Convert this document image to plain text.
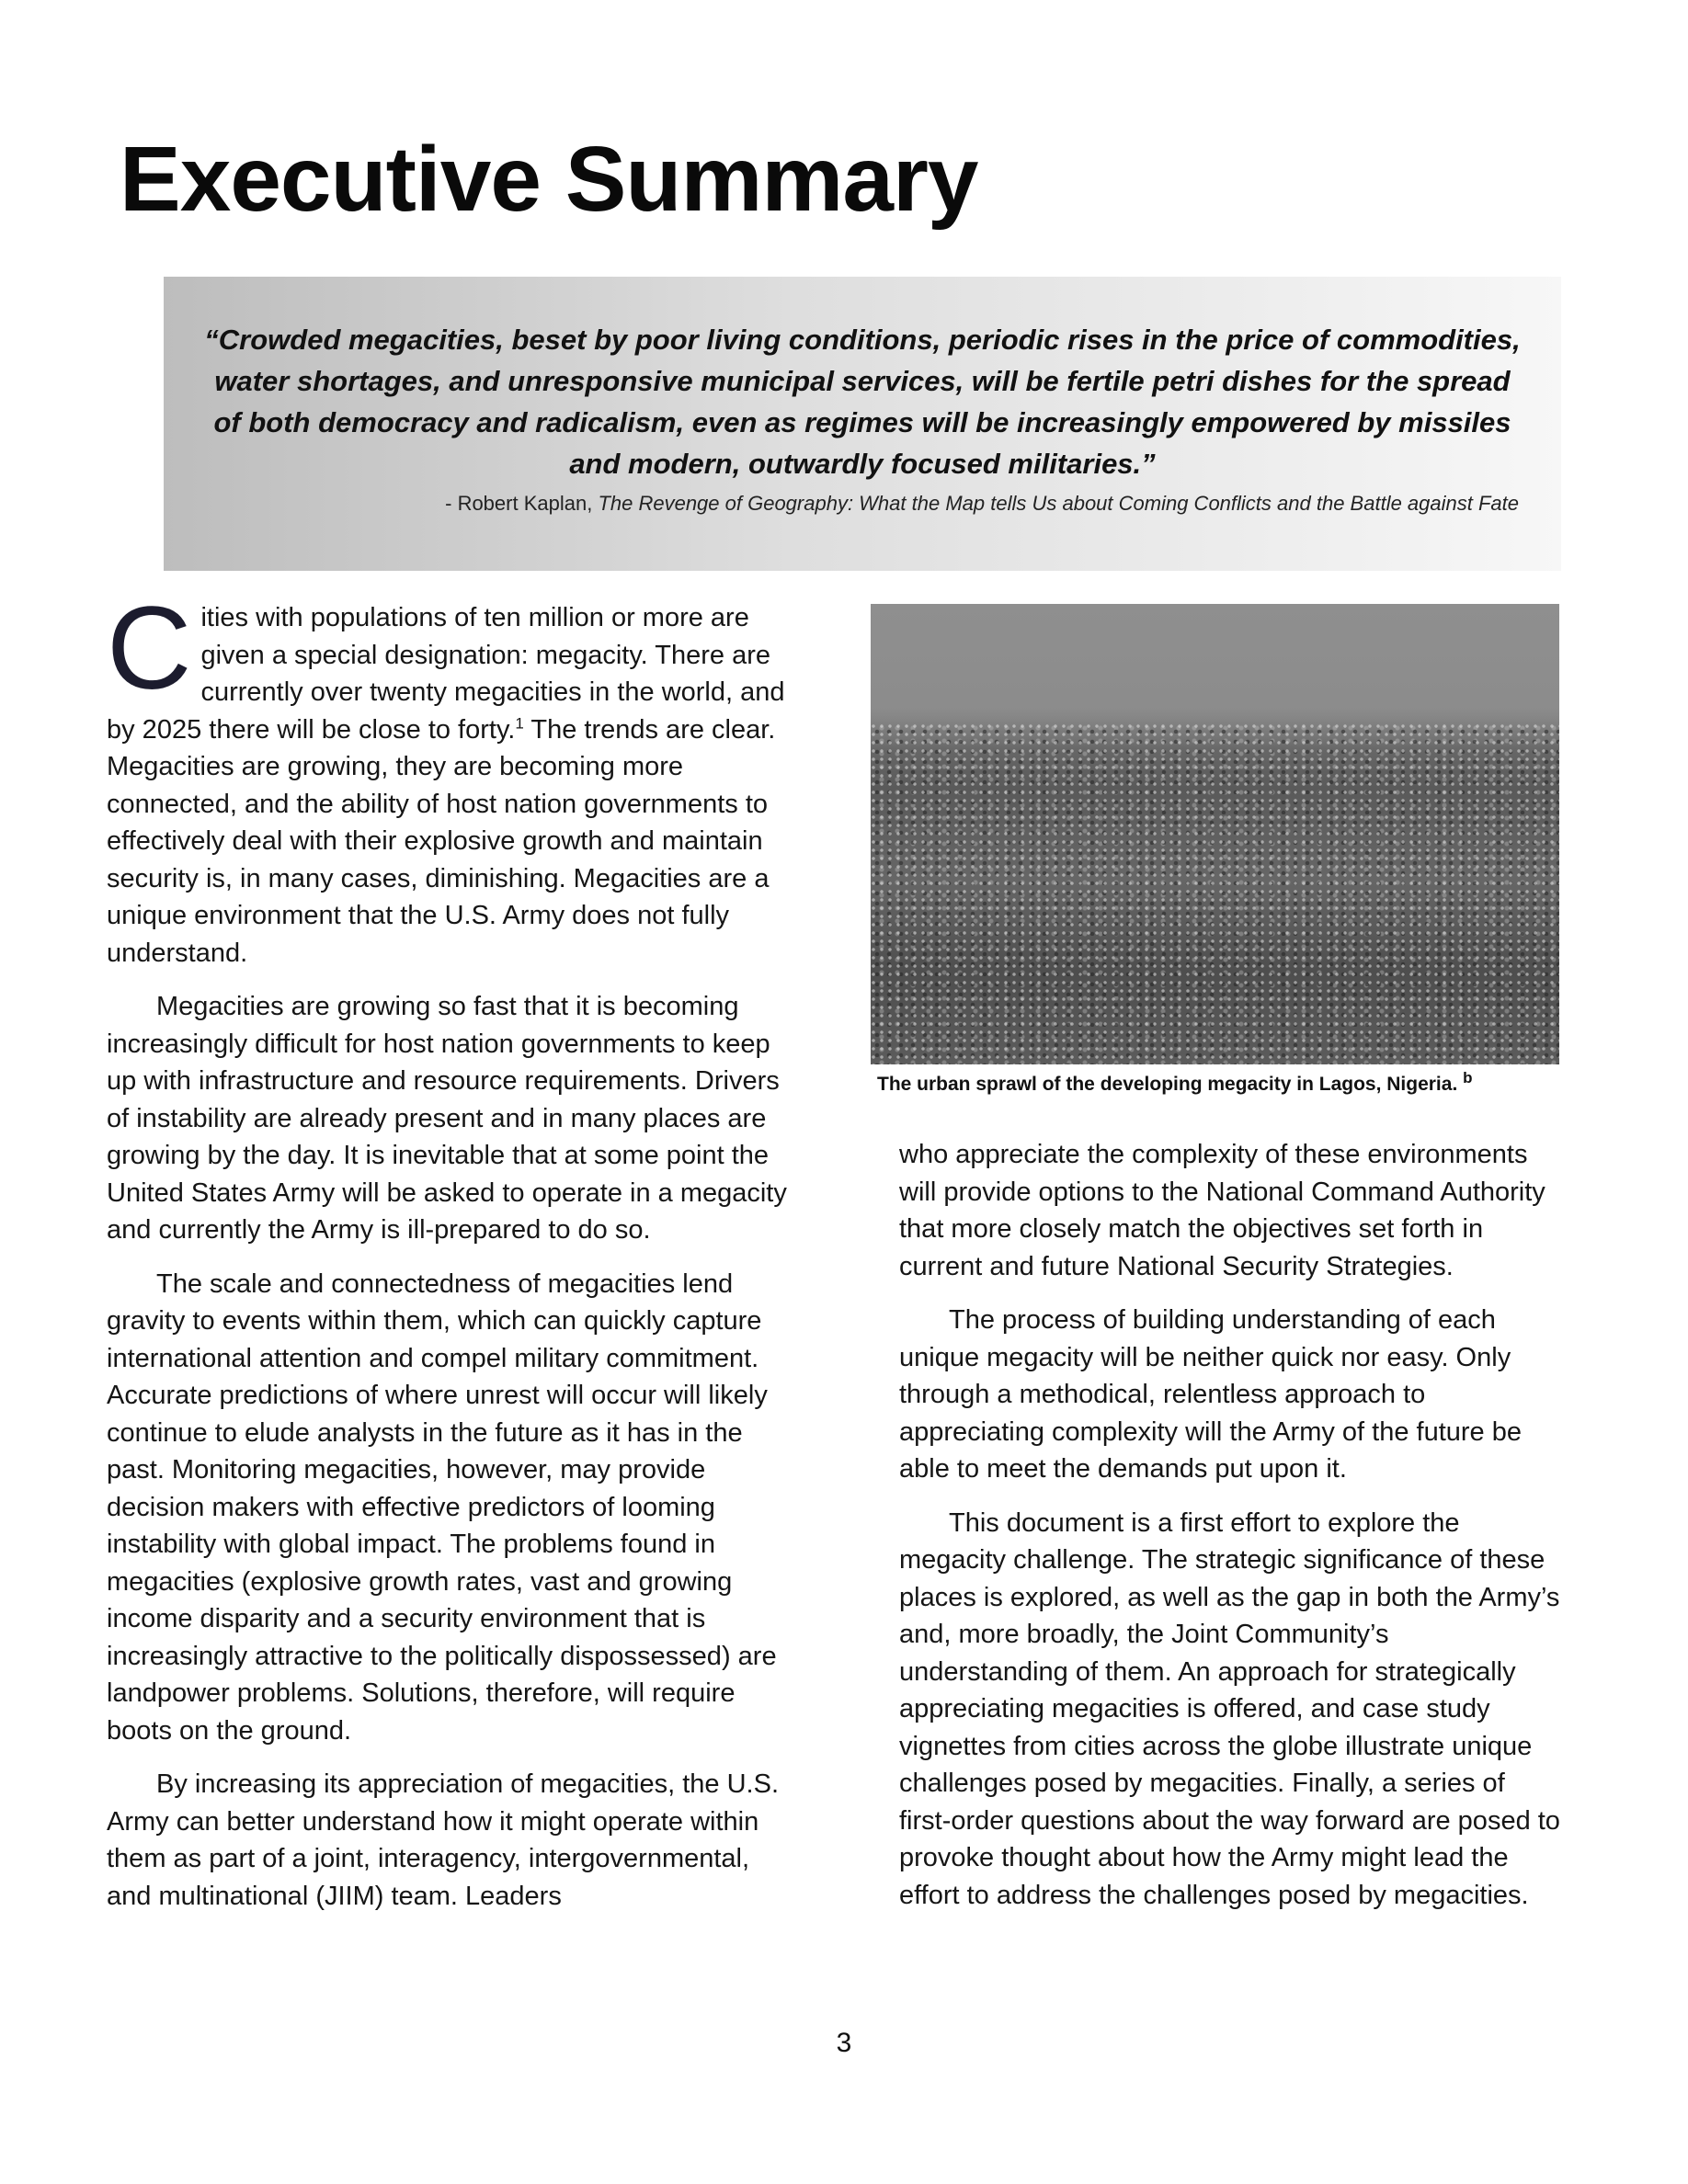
Executive Summary
“Crowded megacities, beset by poor living conditions, periodic rises in the price of commodities, water shortages, and unresponsive municipal services, will be fertile petri dishes for the spread of both democracy and radicalism, even as regimes will be increasingly empowered by missiles and modern, outwardly focused militaries.”
- Robert Kaplan, The Revenge of Geography: What the Map tells Us about Coming Conflicts and the Battle against Fate

Cities with populations of ten million or more are given a special designation: megacity. There are currently over twenty megacities in the world, and by 2025 there will be close to forty.$^1$ The trends are clear. Megacities are growing, they are becoming more connected, and the ability of host nation governments to effectively deal with their explosive growth and maintain security is, in many cases, diminishing. Megacities are a unique environment that the U.S. Army does not fully understand.

Megacities are growing so fast that it is becoming increasingly difficult for host nation governments to keep up with infrastructure and resource requirements. Drivers of instability are already present and in many places are growing by the day. It is inevitable that at some point the United States Army will be asked to operate in a megacity and currently the Army is ill-prepared to do so.

The scale and connectedness of megacities lend gravity to events within them, which can quickly capture international attention and compel military commitment. Accurate predictions of where unrest will occur will likely continue to elude analysts in the future as it has in the past. Monitoring megacities, however, may provide decision makers with effective predictors of looming instability with global impact. The problems found in megacities (explosive growth rates, vast and growing income disparity and a security environment that is increasingly attractive to the politically dispossessed) are landpower problems. Solutions, therefore, will require boots on the ground.

By increasing its appreciation of megacities, the U.S. Army can better understand how it might operate within them as part of a joint, interagency, intergovernmental, and multinational (JIIM) team. Leaders

The urban sprawl of the developing megacity in Lagos, Nigeria. $^b$

who appreciate the complexity of these environments will provide options to the National Command Authority that more closely match the objectives set forth in current and future National Security Strategies.

The process of building understanding of each unique megacity will be neither quick nor easy. Only through a methodical, relentless approach to appreciating complexity will the Army of the future be able to meet the demands put upon it.

This document is a first effort to explore the megacity challenge. The strategic significance of these places is explored, as well as the gap in both the Army’s and, more broadly, the Joint Community’s understanding of them. An approach for strategically appreciating megacities is offered, and case study vignettes from cities across the globe illustrate unique challenges posed by megacities. Finally, a series of first-order questions about the way forward are posed to provoke thought about how the Army might lead the effort to address the challenges posed by megacities.

3
